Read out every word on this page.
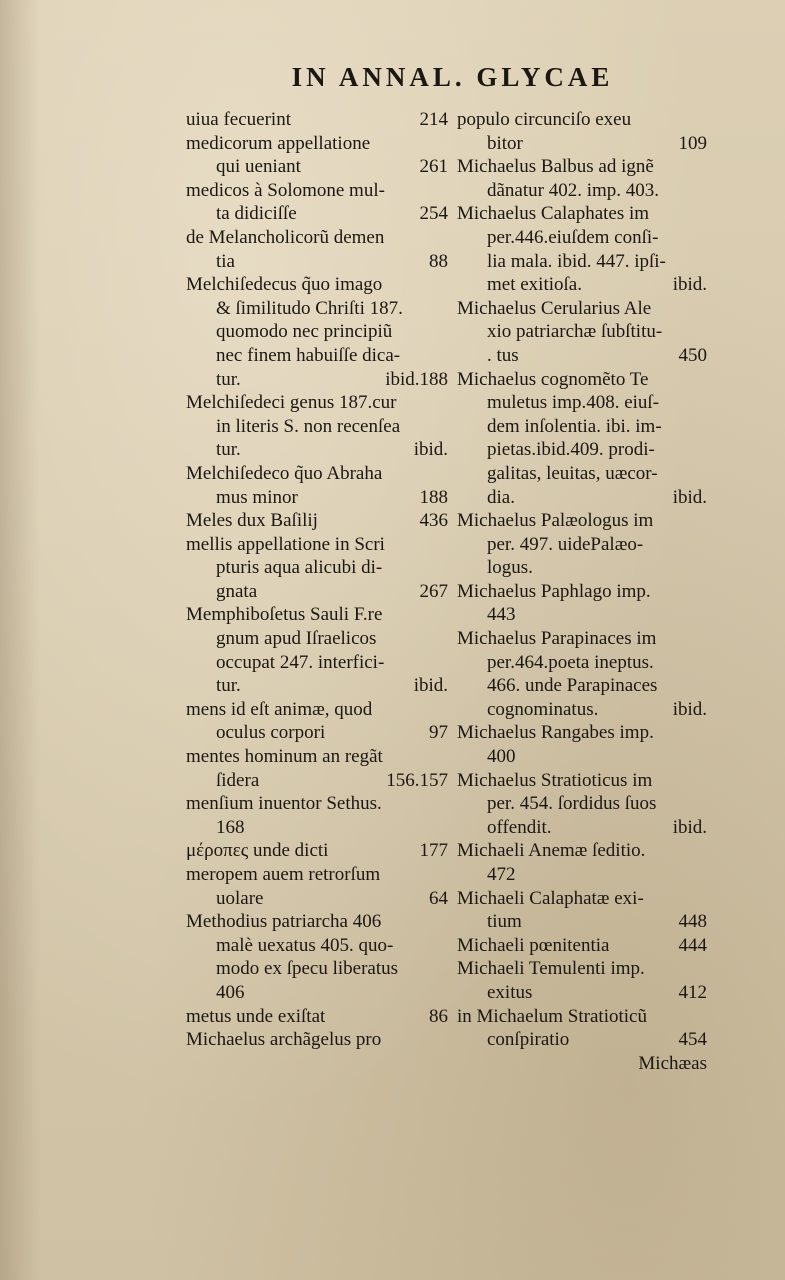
IN ANNAL. GLYCAE
uiua fecuerint	214
medicorum appellatione
qui ueniant	261
medicos à Solomone mul-
ta didiciſſe	254
de Melancholicorũ demen
tia	88
Melchiſedecus q̃uo imago
& ſimilitudo Chriſti 187.
quomodo nec principiũ
nec finem habuiſſe dica-
tur.	ibid.188
Melchiſedeci genus 187.cur
in literis S. non recenſea
tur.	ibid.
Melchiſedeco q̃uo Abraha
mus minor	188
Meles dux Baſilij	436
mellis appellatione in Scri
pturis aqua alicubi di-
gnata	267
Memphiboſetus Sauli F.re
gnum apud Iſraelicos
occupat 247. interfici-
tur.	ibid.
mens id eſt animæ, quod
oculus corpori	97
mentes hominum an regãt
ſidera	156.157
menſium inuentor Sethus.
168
μέροπες unde dicti	177
meropem auem retrorſum
uolare	64
Methodius patriarcha 406
malè uexatus 405. quo-
modo ex ſpecu liberatus
406
metus unde exiſtat	86
Michaelus archãgelus pro
populo circunciſo exeu
bitor	109
Michaelus Balbus ad ignẽ
dãnatur 402. imp. 403.
Michaelus Calaphates im
per.446.eiuſdem conſi-
lia mala. ibid. 447. ipſi-
met exitioſa.	ibid.
Michaelus Cerularius Ale
xio patriarchæ ſubſtitu-
. tus	450
Michaelus cognomẽto Te
muletus imp.408. eiuſ-
dem inſolentia. ibi. im-
pietas.ibid.409. prodi-
galitas, leuitas, uæcor-
dia.	ibid.
Michaelus Palæologus im
per. 497. uidePalæo-
logus.
Michaelus Paphlago imp.
443
Michaelus Parapinaces im
per.464.poeta ineptus.
466. unde Parapinaces
cognominatus.	ibid.
Michaelus Rangabes imp.
400
Michaelus Stratioticus im
per. 454. ſordidus ſuos
offendit.	ibid.
Michaeli Anemæ ſeditio.
472
Michaeli Calaphatæ exi-
tium	448
Michaeli pœnitentia	444
Michaeli Temulenti imp.
exitus	412
in Michaelum Stratioticũ
conſpiratio	454
Michæas
